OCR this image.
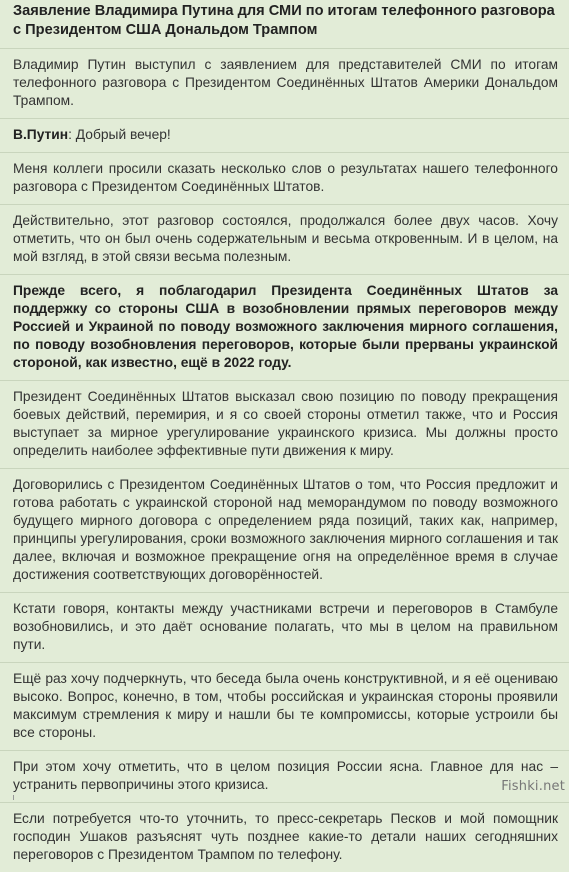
Заявление Владимира Путина для СМИ по итогам телефонного разговора с Президентом США Дональдом Трампом

Владимир Путин выступил с заявлением для представителей СМИ по итогам телефонного разговора с Президентом Соединённых Штатов Америки Дональдом Трампом.

В.Путин: Добрый вечер!

Меня коллеги просили сказать несколько слов о результатах нашего телефонного разговора с Президентом Соединённых Штатов.

Действительно, этот разговор состоялся, продолжался более двух часов. Хочу отметить, что он был очень содержательным и весьма откровенным. И в целом, на мой взгляд, в этой связи весьма полезным.

Прежде всего, я поблагодарил Президента Соединённых Штатов за поддержку со стороны США в возобновлении прямых переговоров между Россией и Украиной по поводу возможного заключения мирного соглашения, по поводу возобновления переговоров, которые были прерваны украинской стороной, как известно, ещё в 2022 году.

Президент Соединённых Штатов высказал свою позицию по поводу прекращения боевых действий, перемирия, и я со своей стороны отметил также, что и Россия выступает за мирное урегулирование украинского кризиса. Мы должны просто определить наиболее эффективные пути движения к миру.

Договорились с Президентом Соединённых Штатов о том, что Россия предложит и готова работать с украинской стороной над меморандумом по поводу возможного будущего мирного договора с определением ряда позиций, таких как, например, принципы урегулирования, сроки возможного заключения мирного соглашения и так далее, включая и возможное прекращение огня на определённое время в случае достижения соответствующих договорённостей.

Кстати говоря, контакты между участниками встречи и переговоров в Стамбуле возобновились, и это даёт основание полагать, что мы в целом на правильном пути.

Ещё раз хочу подчеркнуть, что беседа была очень конструктивной, и я её оцениваю высоко. Вопрос, конечно, в том, чтобы российская и украинская стороны проявили максимум стремления к миру и нашли бы те компромиссы, которые устроили бы все стороны.

При этом хочу отметить, что в целом позиция России ясна. Главное для нас – устранить первопричины этого кризиса.

Если потребуется что-то уточнить, то пресс-секретарь Песков и мой помощник господин Ушаков разъяснят чуть позднее какие-то детали наших сегодняшних переговоров с Президентом Трампом по телефону.

Fishki.net
